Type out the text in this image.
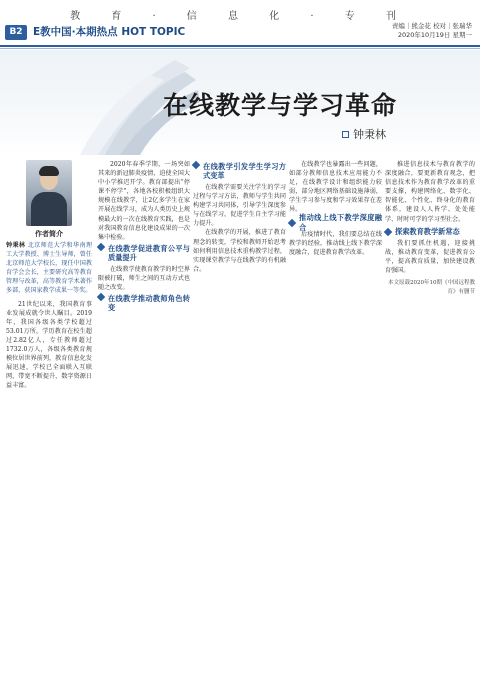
教 育 · 信 息 化 · 专 刊
B2 E教中国·本期热点 HOT TOPIC	责编｜熊金花 校对｜张瑞华
2020年10月19日 星期一
在线教学与学习革命
钟秉林
作者简介
钟秉林 北京师范大学和华南理工大学教授、博士生导师，曾任北京师范大学校长，现任中国教育学会会长，主要研究高等教育管理与改革，高等教育学术著作多部，获国家教学成果一等奖。

21世纪以来，我国教育事业发展成就令世人瞩目。2019年，我国各级各类学校超过53.01万所，学历教育在校生超过2.82亿人，专任教师超过1732.0万人，各级各类教育规模位居世界前列，教育信息化发展迅速，学校已全面联入互联网，带宽不断提升，数字资源日益丰富。

2020年春季学期，一场突如其来的新冠肺炎疫情，迫使全国大中小学推迟开学。教育部提出“停课不停学”，各地各校积极组织大规模在线教学，让2亿多学生在家开展在线学习，成为人类历史上规模最大的一次在线教育实践，也是对我国教育信息化建设成果的一次集中检验。

在线教学促进教育公平与质量提升

在线教学使教育教学的时空界限被打破，师生之间的互动方式也随之改变。

在线教学推动教师角色转变
在线教学引发学生学习方式变革

在线教学需要关注学生的学习过程与学习方法，教师与学生共同构建学习共同体，引导学生深度参与在线学习，促进学生自主学习能力提升。

在线教学的开展，推进了教育理念的转变，学校和教师开始思考如何利用信息技术重构教学过程，实现课堂教学与在线教学的有机融合。

在线教学也暴露出一些问题，如部分教师信息技术应用能力不足，在线教学设计和组织能力较弱，部分地区网络基础设施薄弱，学生学习参与度和学习效果存在差异。

推动线上线下教学深度融合

后疫情时代，我们要总结在线教学的经验，推动线上线下教学深度融合，促进教育教学改革。

推进信息技术与教育教学的深度融合，要更新教育观念，把信息技术作为教育教学改革的重要支撑，构建网络化、数字化、智能化、个性化、终身化的教育体系，建设人人皆学、处处能学、时时可学的学习型社会。

探索教育教学新常态

我们要抓住机遇，迎接挑战，推动教育变革，促进教育公平，提高教育质量，加快建设教育强国。

本文原载2020年10期《中国远程教育》有删节
